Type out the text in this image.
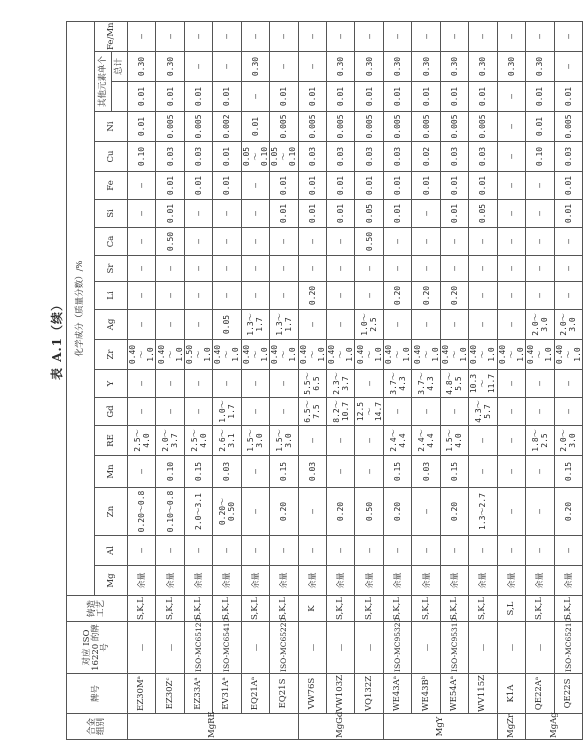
表 A.1（续）
合金组别	牌号	对应 ISO 16220 的牌号	铸造工艺	化学成分（质量分数）/%																		
				Mg	Al	Zn	Mn	RE	Gd	Y	Zr	Ag	Li	Sr	Ca	Si	Fe	Cu	Ni	其他元素单个		Fe/Mn
																					总计	
MgRE	EZ30Mᵃ	—	S,K,L	余量	—	0.20～0.8	—	2.5～ 4.0	—	—	0.40～ 1.0	—	—	—	—	—	—	0.10	0.01	0.01	0.30	—
	EZ30Zᶜ	—	S,K,L	余量	—	0.10～0.8	0.10	2.0～ 3.7	—	—	0.40～ 1.0	—	—	—	0.50	0.01	0.01	0.03	0.005	0.01	0.30	—
	EZ33Aᵃ	ISO-MC65120	S,K,L	余量	—	2.0～3.1	0.15	2.5～ 4.0	—	—	0.50～ 1.0	—	—	—	—	—	0.01	0.03	0.005	0.01	—	—
	EV31Aᵃ	ISO-MC65410	S,K,L	余量	—	0.20～0.50	0.03	2.6～ 3.1	1.0～ 1.7	—	0.40～ 1.0	0.05	—	—	—	—	0.01	0.01	0.002	0.01	—	—
	EQ21Aᵃ	—	S,K,L	余量	—	—	—	1.5～ 3.0	—	—	0.40～ 1.0	1.3～ 1.7	—	—	—	—	—	0.05～ 0.10	0.01	—	0.30	—
	EQ21S	ISO-MC65220	S,K,L	余量	—	0.20	0.15	1.5～ 3.0	—	—	0.40～ 1.0	1.3～ 1.7	—	—	—	0.01	0.01	0.05～ 0.10	0.005	0.01	—	—
MgGd	VW76S	—	K	余量	—	—	0.03	—	6.5～ 7.5	5.5～ 6.5	0.40～ 1.0	—	0.20	—	—	0.01	0.01	0.03	0.005	0.01	—	—
	VW103Z	—	S,K,L	余量	—	0.20	—	—	8.2～ 10.7	2.3～ 3.7	0.40～ 1.0	—	—	—	—	0.01	0.01	0.03	0.005	0.01	0.30	—
	VQ132Z	—	S,K,L	余量	—	0.50	—	—	12.5～ 14.7	—	0.40～ 1.0	1.0～ 2.5	—	—	0.50	0.05	0.01	0.03	0.005	0.01	0.30	—
MgY	WE43Aᵃ	ISO-MC95320	S,K,L	余量	—	0.20	0.15	2.4～ 4.4	—	3.7～ 4.3	0.40～ 1.0	—	0.20	—	—	0.01	0.01	0.03	0.005	0.01	0.30	—
	WE43Bᵇ	—	S,K,L	余量	—	—	0.03	2.4～ 4.4	—	3.7～ 4.3	0.40～ 1.0	—	0.20	—	—	—	0.01	0.02	0.005	0.01	0.30	—
	WE54Aᵃ	ISO-MC95310	S,K,L	余量	—	0.20	0.15	1.5～ 4.0	—	4.8～ 5.5	0.40～ 1.0	—	0.20	—	—	0.01	0.01	0.03	0.005	0.01	0.30	—
	WV115Z	—	S,K,L	余量	—	1.3～2.7	—	—	4.3～ 5.7	10.3～ 11.7	0.40～ 1.0	—	—	—	—	0.05	0.01	0.03	0.005	0.01	0.30	—
MgZr	K1A	—	S,L	余量	—	—	—	—	—	—	0.40～ 1.0	—	—	—	—	—	—	—	—	—	0.30	—
MgAg	QE22Aᵃ	—	S,K,L	余量	—	—	—	1.8～ 2.5	—	—	0.40～ 1.0	2.0～ 3.0	—	—	—	—	—	0.10	0.01	0.01	0.30	—
	QE22S	ISO-MC65210	S,K,L	余量	—	0.20	0.15	2.0～ 3.0	—	—	0.40～ 1.0	2.0～ 3.0	—	—	—	0.01	0.01	0.03	0.005	0.01	—	—
